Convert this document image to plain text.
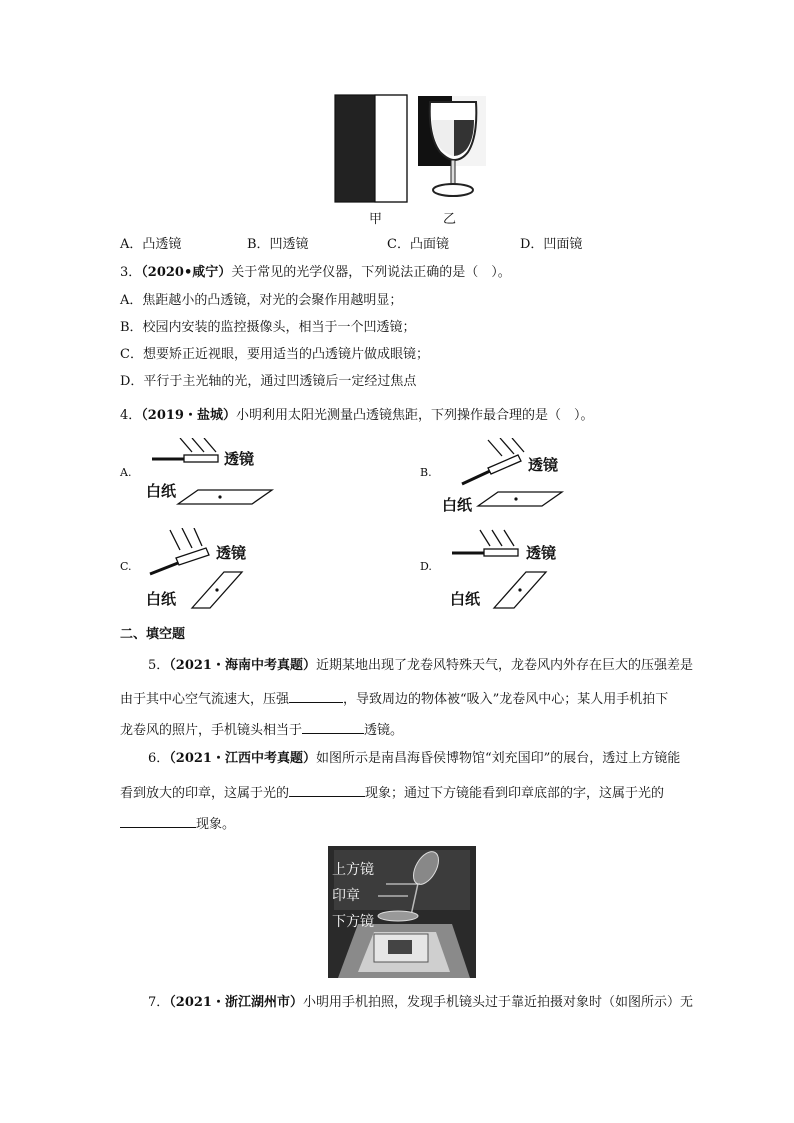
甲	乙
A．凸透镜	B．凹透镜	C．凸面镜	D．凹面镜
3．（2020•咸宁）关于常见的光学仪器，下列说法正确的是（　）。
A．焦距越小的凸透镜，对光的会聚作用越明显；
B．校园内安装的监控摄像头，相当于一个凹透镜；
C．想要矫正近视眼，要用适当的凸透镜片做成眼镜；
D．平行于主光轴的光，通过凹透镜后一定经过焦点
4．（2019・盐城）小明利用太阳光测量凸透镜焦距，下列操作最合理的是（　）。
A.
透镜
白纸
B.	透镜
白纸
C.
透镜
白纸
D.
透镜
白纸
二、填空题
5．（2021・海南中考真题）近期某地出现了龙卷风特殊天气，龙卷风内外存在巨大的压强差是
由于其中心空气流速大，压强	，导致周边的物体被“吸入”龙卷风中心；某人用手机拍下
龙卷风的照片，手机镜头相当于	透镜。
6．（2021・江西中考真题）如图所示是南昌海昏侯博物馆“刘充国印”的展台，透过上方镜能
看到放大的印章，这属于光的	现象；通过下方镜能看到印章底部的字，这属于光的
现象。
上方镜
印章
下方镜
7．（2021・浙江湖州市）小明用手机拍照，发现手机镜头过于靠近拍摄对象时（如图所示）无
